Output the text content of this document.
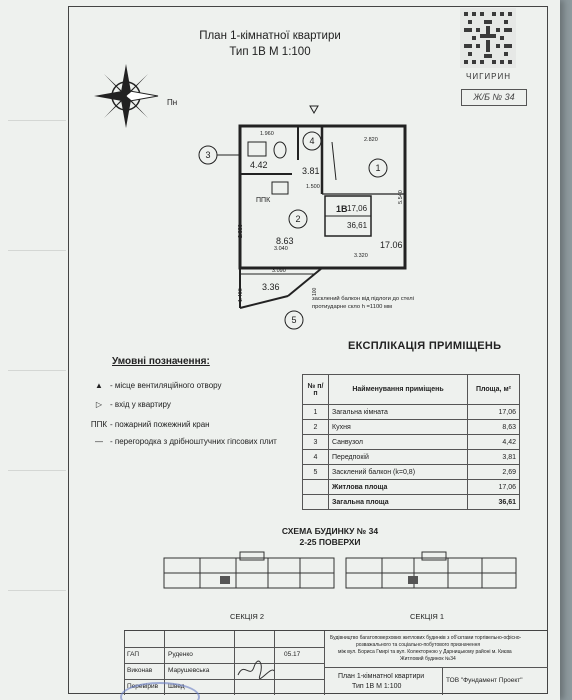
План 1-кімнатної квартири
Тип 1В М 1:100
ЧИГИРИН
Ж/Б № 34
Пн
1.960
2.820
1.500
5.540
2.880
3.040
3.320
3.090
1.400	100
4.42
3.81
8.63	17.06
3.36
ППК
1В 17,06
36,61
засклений балкон від підлоги до стелі
протиударне скло h =1100 мм
3
4
1
2
5
Умовні позначення:
▲ - місце вентиляційного отвору
▷ - вхід у квартиру
ППК - пожарний пожежний кран
— - перегородка з дрібноштучних гіпсових плит
ЕКСПЛІКАЦІЯ ПРИМІЩЕНЬ
№ п/п	Найменування приміщень	Площа, м²
1	Загальна кімната	17,06
2	Кухня	8,63
3	Санвузол	4,42
4	Передпокій	3,81
5	Засклений балкон (k=0,8)	2,69
	Житлова площа	17,06
	Загальна площа	36,61
СХЕМА БУДИНКУ № 34
2-25 ПОВЕРХИ
СЕКЦІЯ 2	СЕКЦІЯ 1
ГАП	Руденко	05.17
Виконав Марушевська
Перевірив Швед
Будівництво багатоповерхових житлових будинків з об'єктами торгівельно-офісно-
розважального та соціально-побутового призначення
між вул. Бориса Гмирі та вул. Колекторною у Дарницькому районі м. Києва
Житловий будинок №34
План 1-кімнатної квартири
Тип 1В М 1:100
ТОВ "Фундамент Проект"
